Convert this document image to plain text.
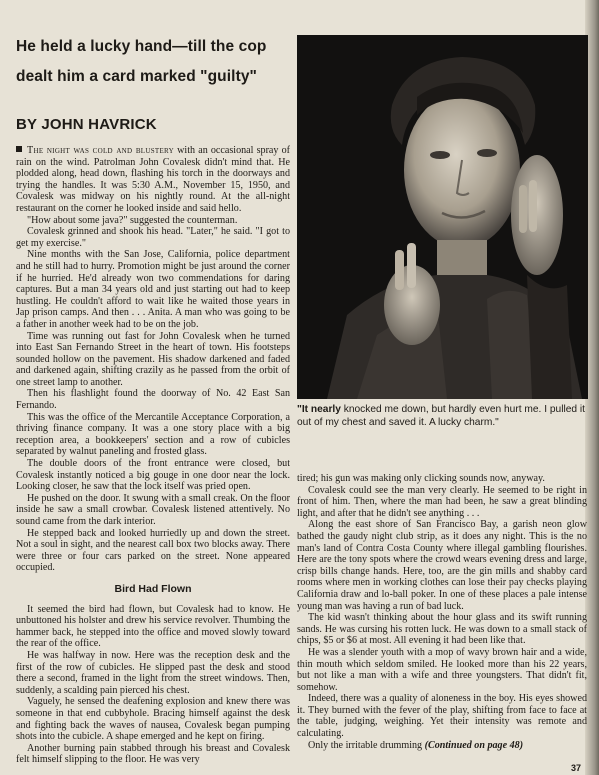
He held a lucky hand—till the cop dealt him a card marked "guilty"
BY JOHN HAVRICK

The night was cold and blustery with an occasional spray of rain on the wind. Patrolman John Covalesk didn't mind that. He plodded along, head down, flashing his torch in the doorways and trying the handles. It was 5:30 A.M., November 15, 1950, and Covalesk was midway on his nightly round. At the all-night restaurant on the corner he looked inside and said hello.

"How about some java?" suggested the counterman.

Covalesk grinned and shook his head. "Later," he said. "I got to get my exercise."

Nine months with the San Jose, California, police department and he still had to hurry. Promotion might be just around the corner if he hurried. He'd already won two commendations for daring captures. But a man 34 years old and just starting out had to keep hustling. He couldn't afford to wait like he waited those years in Jap prison camps. And then . . . Anita. A man who was going to be a father in another week had to be on the job.

Time was running out fast for John Covalesk when he turned into East San Fernando Street in the heart of town. His footsteps sounded hollow on the pavement. His shadow darkened and faded and darkened again, shifting crazily as he passed from the orbit of one street lamp to another.

Then his flashlight found the doorway of No. 42 East San Fernando.

This was the office of the Mercantile Acceptance Corporation, a thriving finance company. It was a one story place with a big reception area, a bookkeepers' section and a row of cubicles separated by walnut paneling and frosted glass.

The double doors of the front entrance were closed, but Covalesk instantly noticed a big gouge in one door near the lock. Looking closer, he saw that the lock itself was pried open.

He pushed on the door. It swung with a small creak. On the floor inside he saw a small crowbar. Covalesk listened attentively. No sound came from the dark interior.

He stepped back and looked hurriedly up and down the street. Not a soul in sight, and the nearest call box two blocks away. There were three or four cars parked on the street. None appeared occupied.

Bird Had Flown

It seemed the bird had flown, but Covalesk had to know. He unbuttoned his holster and drew his service revolver. Thumbing the hammer back, he stepped into the office and moved slowly toward the rear of the office.

He was halfway in now. Here was the reception desk and the first of the row of cubicles. He slipped past the desk and stood there a second, framed in the light from the street windows. Then, suddenly, a scalding pain pierced his chest.

Vaguely, he sensed the deafening explosion and knew there was someone in that end cubbyhole. Bracing himself against the desk and fighting back the waves of nausea, Covalesk began pumping shots into the cubicle. A shape emerged and he kept on firing.

Another burning pain stabbed through his breast and Covalesk felt himself slipping to the floor. He was very

"It nearly knocked me down, but hardly even hurt me. I pulled it out of my chest and saved it. A lucky charm."

tired; his gun was making only clicking sounds now, anyway.

Covalesk could see the man very clearly. He seemed to be right in front of him. Then, where the man had been, he saw a great blinding light, and after that he didn't see anything . . .

Along the east shore of San Francisco Bay, a garish neon glow bathed the gaudy night club strip, as it does any night. This is the no man's land of Contra Costa County where illegal gambling flourishes. Here are the tony spots where the crowd wears evening dress and large, crisp bills change hands. Here, too, are the gin mills and shabby card rooms where men in working clothes can lose their pay checks playing California draw and lo-ball poker. In one of these places a pale intense young man was having a run of bad luck.

The kid wasn't thinking about the hour glass and its swift running sands. He was cursing his rotten luck. He was down to a small stack of chips, $5 or $6 at most. All evening it had been like that.

He was a slender youth with a mop of wavy brown hair and a wide, thin mouth which seldom smiled. He looked more than his 22 years, but not like a man with a wife and three youngsters. That didn't fit, somehow.

Indeed, there was a quality of aloneness in the boy. His eyes showed it. They burned with the fever of the play, shifting from face to face at the table, judging, weighing. Yet their intensity was remote and calculating.

Only the irritable drumming (Continued on page 48)

37
